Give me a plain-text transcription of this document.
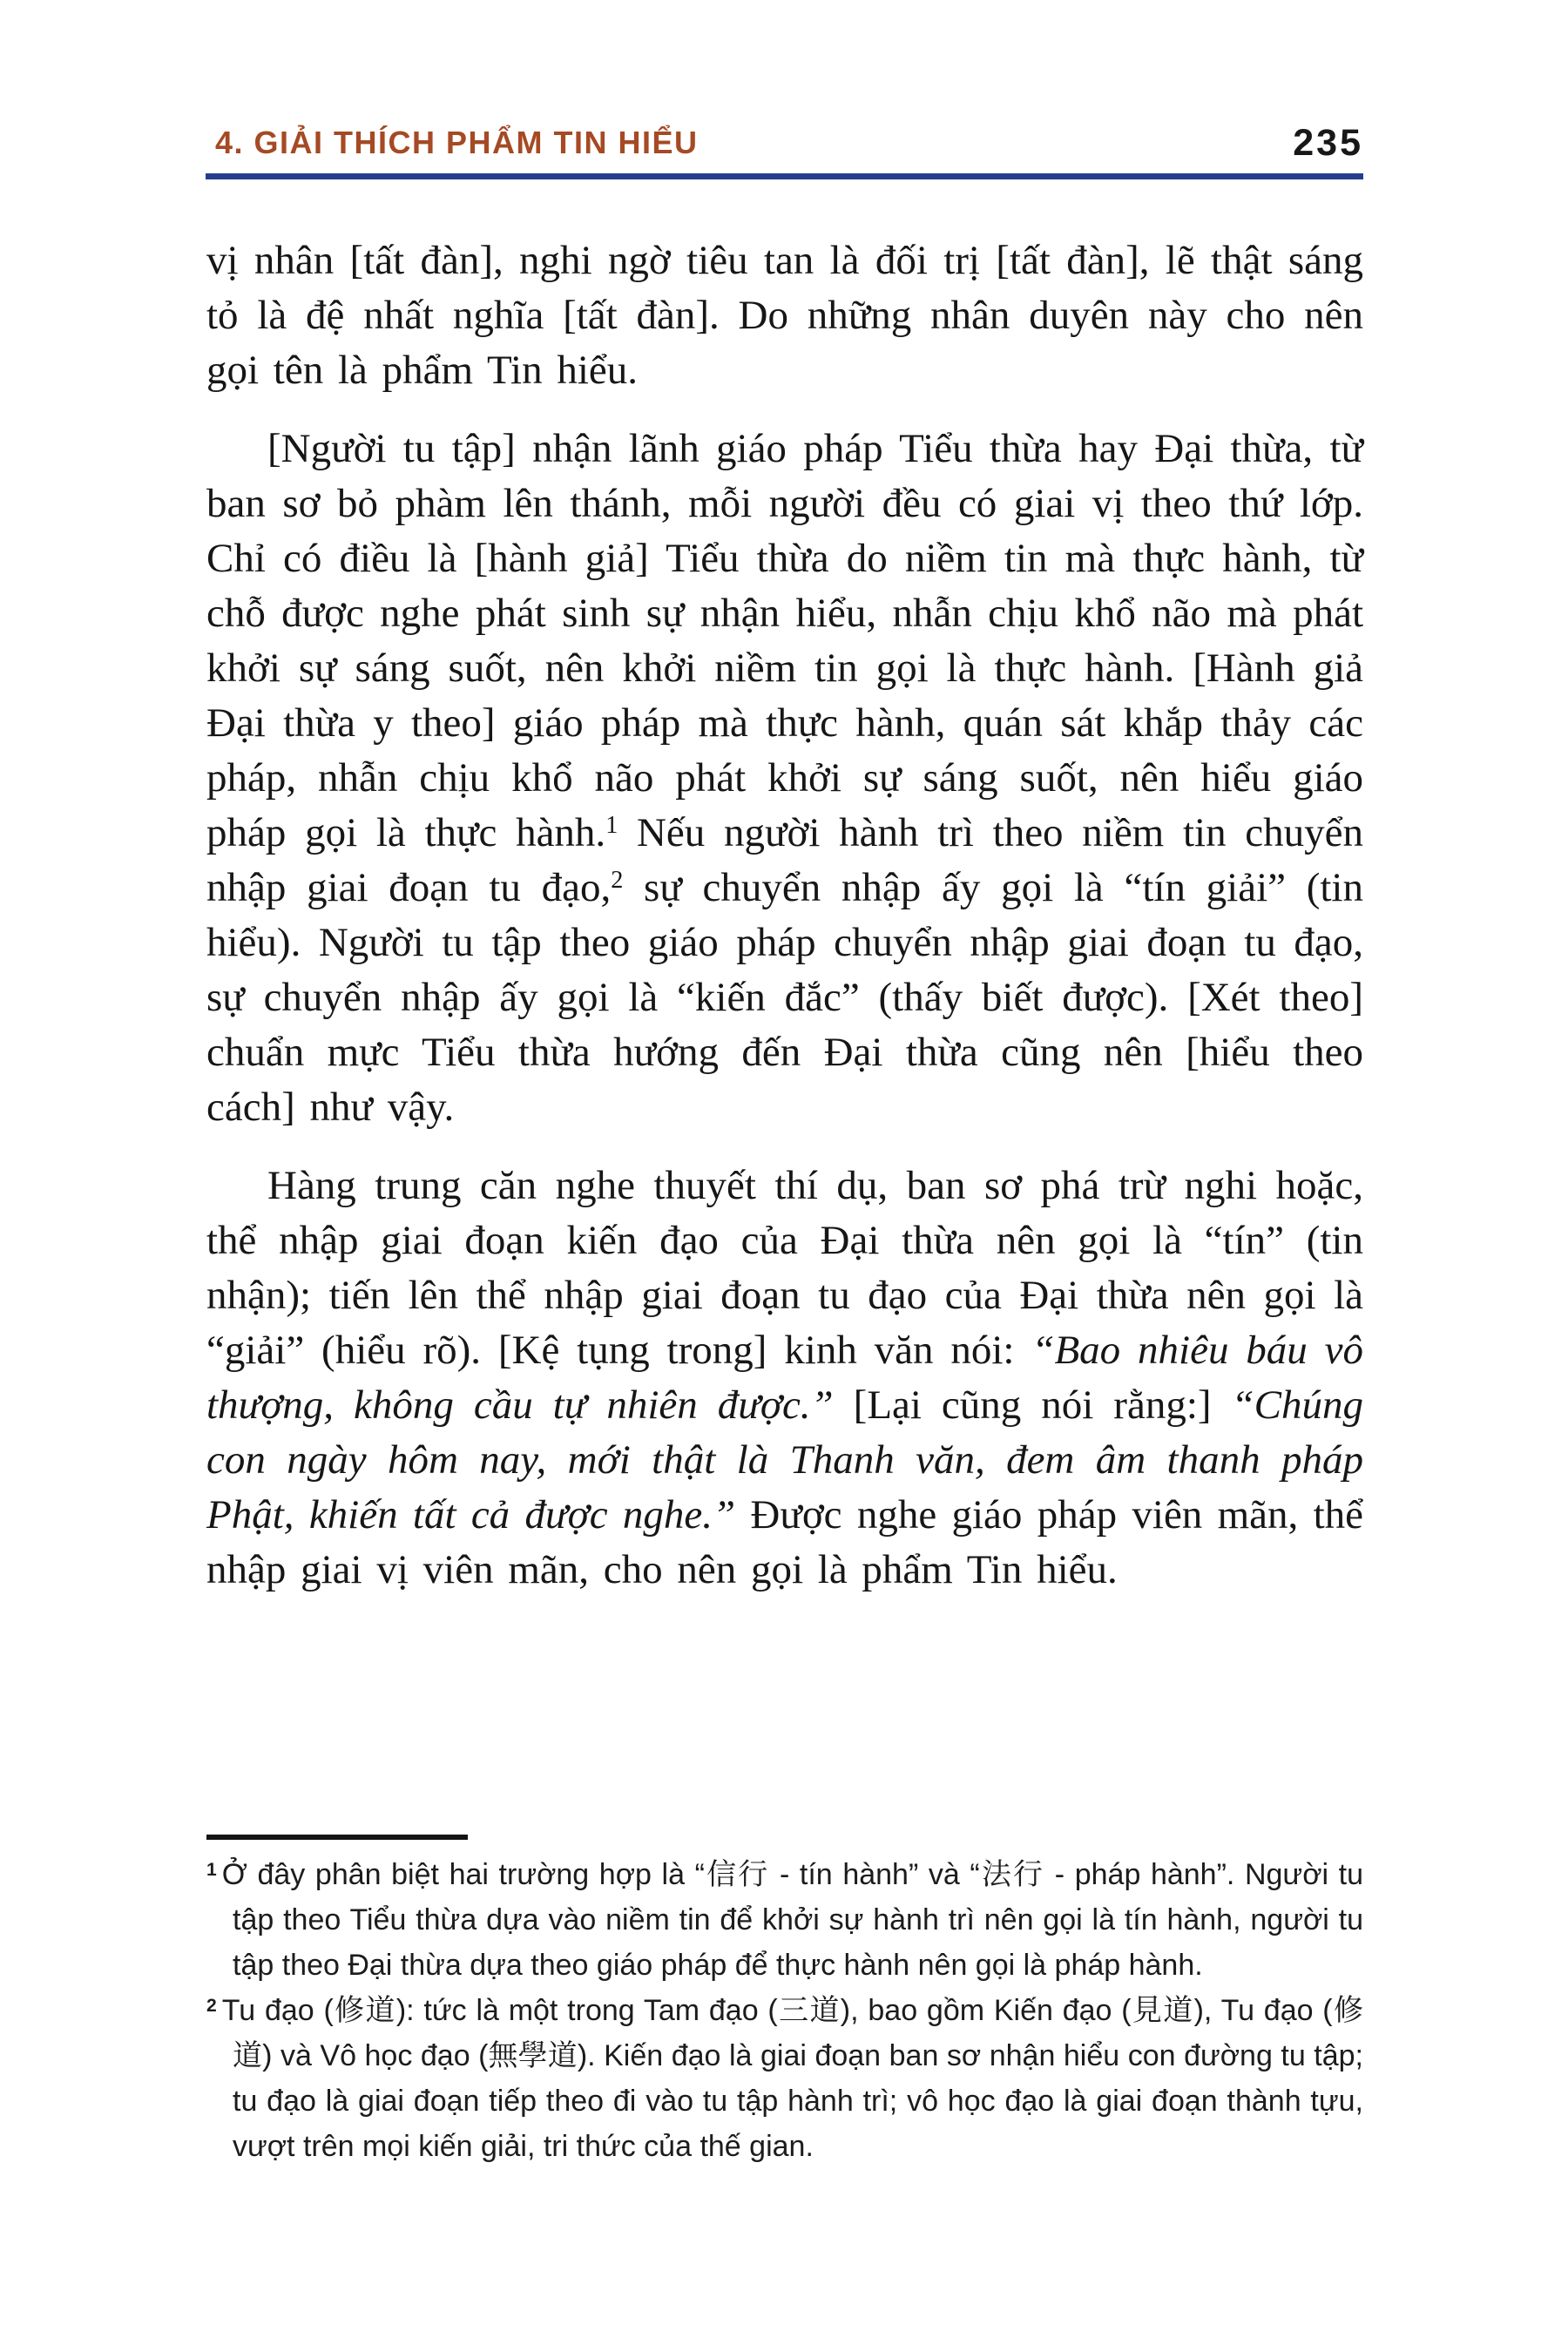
4. GIẢI THÍCH PHẨM TIN HIỂU	235

vị nhân [tất đàn], nghi ngờ tiêu tan là đối trị [tất đàn], lẽ thật sáng tỏ là đệ nhất nghĩa [tất đàn]. Do những nhân duyên này cho nên gọi tên là phẩm Tin hiểu.

[Người tu tập] nhận lãnh giáo pháp Tiểu thừa hay Đại thừa, từ ban sơ bỏ phàm lên thánh, mỗi người đều có giai vị theo thứ lớp. Chỉ có điều là [hành giả] Tiểu thừa do niềm tin mà thực hành, từ chỗ được nghe phát sinh sự nhận hiểu, nhẫn chịu khổ não mà phát khởi sự sáng suốt, nên khởi niềm tin gọi là thực hành. [Hành giả Đại thừa y theo] giáo pháp mà thực hành, quán sát khắp thảy các pháp, nhẫn chịu khổ não phát khởi sự sáng suốt, nên hiểu giáo pháp gọi là thực hành.$^1$ Nếu người hành trì theo niềm tin chuyển nhập giai đoạn tu đạo,$^2$ sự chuyển nhập ấy gọi là “tín giải” (tin hiểu). Người tu tập theo giáo pháp chuyển nhập giai đoạn tu đạo, sự chuyển nhập ấy gọi là “kiến đắc” (thấy biết được). [Xét theo] chuẩn mực Tiểu thừa hướng đến Đại thừa cũng nên [hiểu theo cách] như vậy.

Hàng trung căn nghe thuyết thí dụ, ban sơ phá trừ nghi hoặc, thể nhập giai đoạn kiến đạo của Đại thừa nên gọi là “tín” (tin nhận); tiến lên thể nhập giai đoạn tu đạo của Đại thừa nên gọi là “giải” (hiểu rõ). [Kệ tụng trong] kinh văn nói: “Bao nhiêu báu vô thượng, không cầu tự nhiên được.” [Lại cũng nói rằng:] “Chúng con ngày hôm nay, mới thật là Thanh văn, đem âm thanh pháp Phật, khiến tất cả được nghe.” Được nghe giáo pháp viên mãn, thể nhập giai vị viên mãn, cho nên gọi là phẩm Tin hiểu.

$^1$ Ở đây phân biệt hai trường hợp là “信行 - tín hành” và “法行 - pháp hành”. Người tu tập theo Tiểu thừa dựa vào niềm tin để khởi sự hành trì nên gọi là tín hành, người tu tập theo Đại thừa dựa theo giáo pháp để thực hành nên gọi là pháp hành.

$^2$ Tu đạo (修道): tức là một trong Tam đạo (三道), bao gồm Kiến đạo (見道), Tu đạo (修道) và Vô học đạo (無學道). Kiến đạo là giai đoạn ban sơ nhận hiểu con đường tu tập; tu đạo là giai đoạn tiếp theo đi vào tu tập hành trì; vô học đạo là giai đoạn thành tựu, vượt trên mọi kiến giải, tri thức của thế gian.
